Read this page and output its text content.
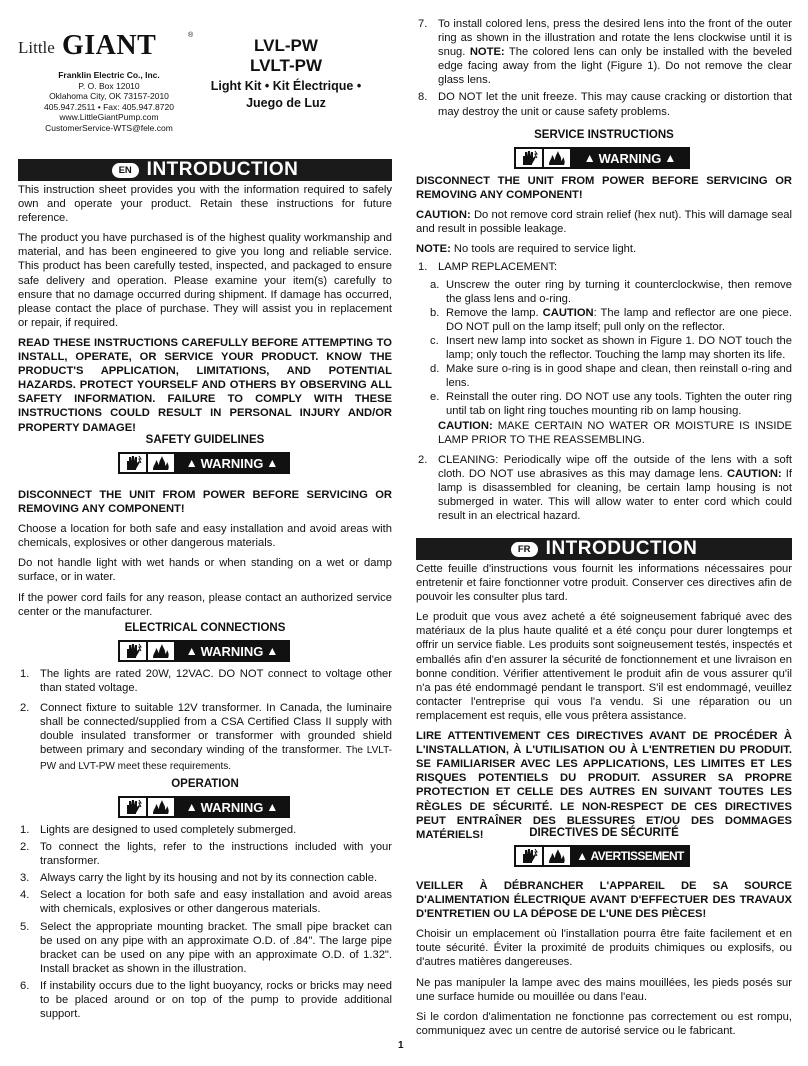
Little GIANT	®
Franklin Electric Co., Inc.
P. O. Box 12010
Oklahoma City, OK 73157-2010
405.947.2511 • Fax: 405.947.8720
www.LittleGiantPump.com
CustomerService-WTS@fele.com
LVL-PW
LVLT-PW
Light Kit • Kit Électrique •
Juego de Luz
EN INTRODUCTION

This instruction sheet provides you with the information required to safely own and operate your product. Retain these instructions for future reference.

The product you have purchased is of the highest quality workmanship and material, and has been engineered to give you long and reliable service. This product has been carefully tested, inspected, and packaged to ensure safe delivery and operation. Please examine your item(s) carefully to ensure that no damage occurred during shipment. If damage has occurred, please contact the place of purchase. They will assist you in replacement or repair, if required.

READ THESE INSTRUCTIONS CAREFULLY BEFORE ATTEMPTING TO INSTALL, OPERATE, OR SERVICE YOUR PRODUCT. KNOW THE PRODUCT'S APPLICATION, LIMITATIONS, AND POTENTIAL HAZARDS. PROTECT YOURSELF AND OTHERS BY OBSERVING ALL SAFETY INFORMATION. FAILURE TO COMPLY WITH THESE INSTRUCTIONS COULD RESULT IN PERSONAL INJURY AND/OR PROPERTY DAMAGE!

SAFETY GUIDELINES
▲ WARNING ▲

DISCONNECT THE UNIT FROM POWER BEFORE SERVICING OR REMOVING ANY COMPONENT!

Choose a location for both safe and easy installation and avoid areas with chemicals, explosives or other dangerous materials.

Do not handle light with wet hands or when standing on a wet or damp surface, or in water.

If the power cord fails for any reason, please contact an authorized service center or the manufacturer.

ELECTRICAL CONNECTIONS
▲ WARNING ▲
1. The lights are rated 20W, 12VAC. DO NOT connect to voltage other than stated voltage.
2. Connect fixture to suitable 12V transformer. In Canada, the luminaire shall be connected/supplied from a CSA Certified Class II supply with double insulated transformer or transformer with grounded shield between primary and secondary winding of the transformer. The LVLT-PW and LVT-PW meet these requirements.
OPERATION
▲ WARNING ▲
1. Lights are designed to used completely submerged.
2. To connect the lights, refer to the instructions included with your transformer.
3. Always carry the light by its housing and not by its connection cable.
4. Select a location for both safe and easy installation and avoid areas with chemicals, explosives or other dangerous materials.
5. Select the appropriate mounting bracket. The small pipe bracket can be used on any pipe with an approximate O.D. of .84". The large pipe bracket can be used on any pipe with an approximate O.D. of 1.32". Install bracket as shown in the illustration.
6. If instability occurs due to the light buoyancy, rocks or bricks may need to be placed around or on top of the pump to provide additional support.
7. To install colored lens, press the desired lens into the front of the outer ring as shown in the illustration and rotate the lens clockwise until it is snug. NOTE: The colored lens can only be installed with the beveled edge facing away from the light (Figure 1). Do not remove the clear glass lens.
8. DO NOT let the unit freeze. This may cause cracking or distortion that may destroy the unit or cause safety problems.
SERVICE INSTRUCTIONS
▲ WARNING ▲

DISCONNECT THE UNIT FROM POWER BEFORE SERVICING OR REMOVING ANY COMPONENT!

CAUTION: Do not remove cord strain relief (hex nut). This will damage seal and result in possible leakage.

NOTE: No tools are required to service light.

1. LAMP REPLACEMENT:
a. Unscrew the outer ring by turning it counterclockwise, then remove the glass lens and o-ring.
b. Remove the lamp. CAUTION: The lamp and reflector are one piece. DO NOT pull on the lamp itself; pull only on the reflector.
c. Insert new lamp into socket as shown in Figure 1. DO NOT touch the lamp; only touch the reflector. Touching the lamp may shorten its life.
d. Make sure o-ring is in good shape and clean, then reinstall o-ring and lens.
e. Reinstall the outer ring. DO NOT use any tools. Tighten the outer ring until tab on light ring touches mounting rib on lamp housing.

CAUTION: MAKE CERTAIN NO WATER OR MOISTURE IS INSIDE LAMP PRIOR TO THE REASSEMBLING.

2. CLEANING: Periodically wipe off the outside of the lens with a soft cloth. DO NOT use abrasives as this may damage lens. CAUTION: If lamp is disassembled for cleaning, be certain lamp housing is not submerged in water. This will allow water to enter cord which could result in an electrical hazard.
FR INTRODUCTION

Cette feuille d'instructions vous fournit les informations nécessaires pour entretenir et faire fonctionner votre produit. Conserver ces directives afin de pouvoir les consulter plus tard.

Le produit que vous avez acheté a été soigneusement fabriqué avec des matériaux de la plus haute qualité et a été conçu pour durer longtemps et offrir un service fiable. Les produits sont soigneusement testés, inspectés et emballés afin d'en assurer la sécurité de fonctionnement et une livraison en bonne condition. Vérifier attentivement le produit afin de vous assurer qu'il n'a pas été endommagé pendant le transport. S'il est endommagé, veuillez contacter l'entreprise qui vous l'a vendu. Si une réparation ou un remplacement est requis, elle vous prêtera assistance.

LIRE ATTENTIVEMENT CES DIRECTIVES AVANT DE PROCÉDER À L'INSTALLATION, À L'UTILISATION OU À L'ENTRETIEN DU PRODUIT. SE FAMILIARISER AVEC LES APPLICATIONS, LES LIMITES ET LES RISQUES POTENTIELS DU PRODUIT. ASSURER SA PROPRE PROTECTION ET CELLE DES AUTRES EN SUIVANT TOUTES LES RÈGLES DE SÉCURITÉ. LE NON-RESPECT DE CES DIRECTIVES PEUT ENTRAÎNER DES BLESSURES ET/OU DES DOMMAGES MATÉRIELS!	DIRECTIVES DE SÉCURITÉ
▲ AVERTISSEMENT

VEILLER À DÉBRANCHER L'APPAREIL DE SA SOURCE D'ALIMENTATION ÉLECTRIQUE AVANT D'EFFECTUER DES TRAVAUX D'ENTRETIEN OU LA DÉPOSE DE L'UNE DES PIÈCES!

Choisir un emplacement où l'installation pourra être faite facilement et en toute sécurité. Éviter la proximité de produits chimiques ou explosifs, ou d'autres matières dangereuses.

Ne pas manipuler la lampe avec des mains mouillées, les pieds posés sur une surface humide ou mouillée ou dans l'eau.

Si le cordon d'alimentation ne fonctionne pas correctement ou est rompu, communiquez avec un centre de autorisé service ou le fabricant.

1
